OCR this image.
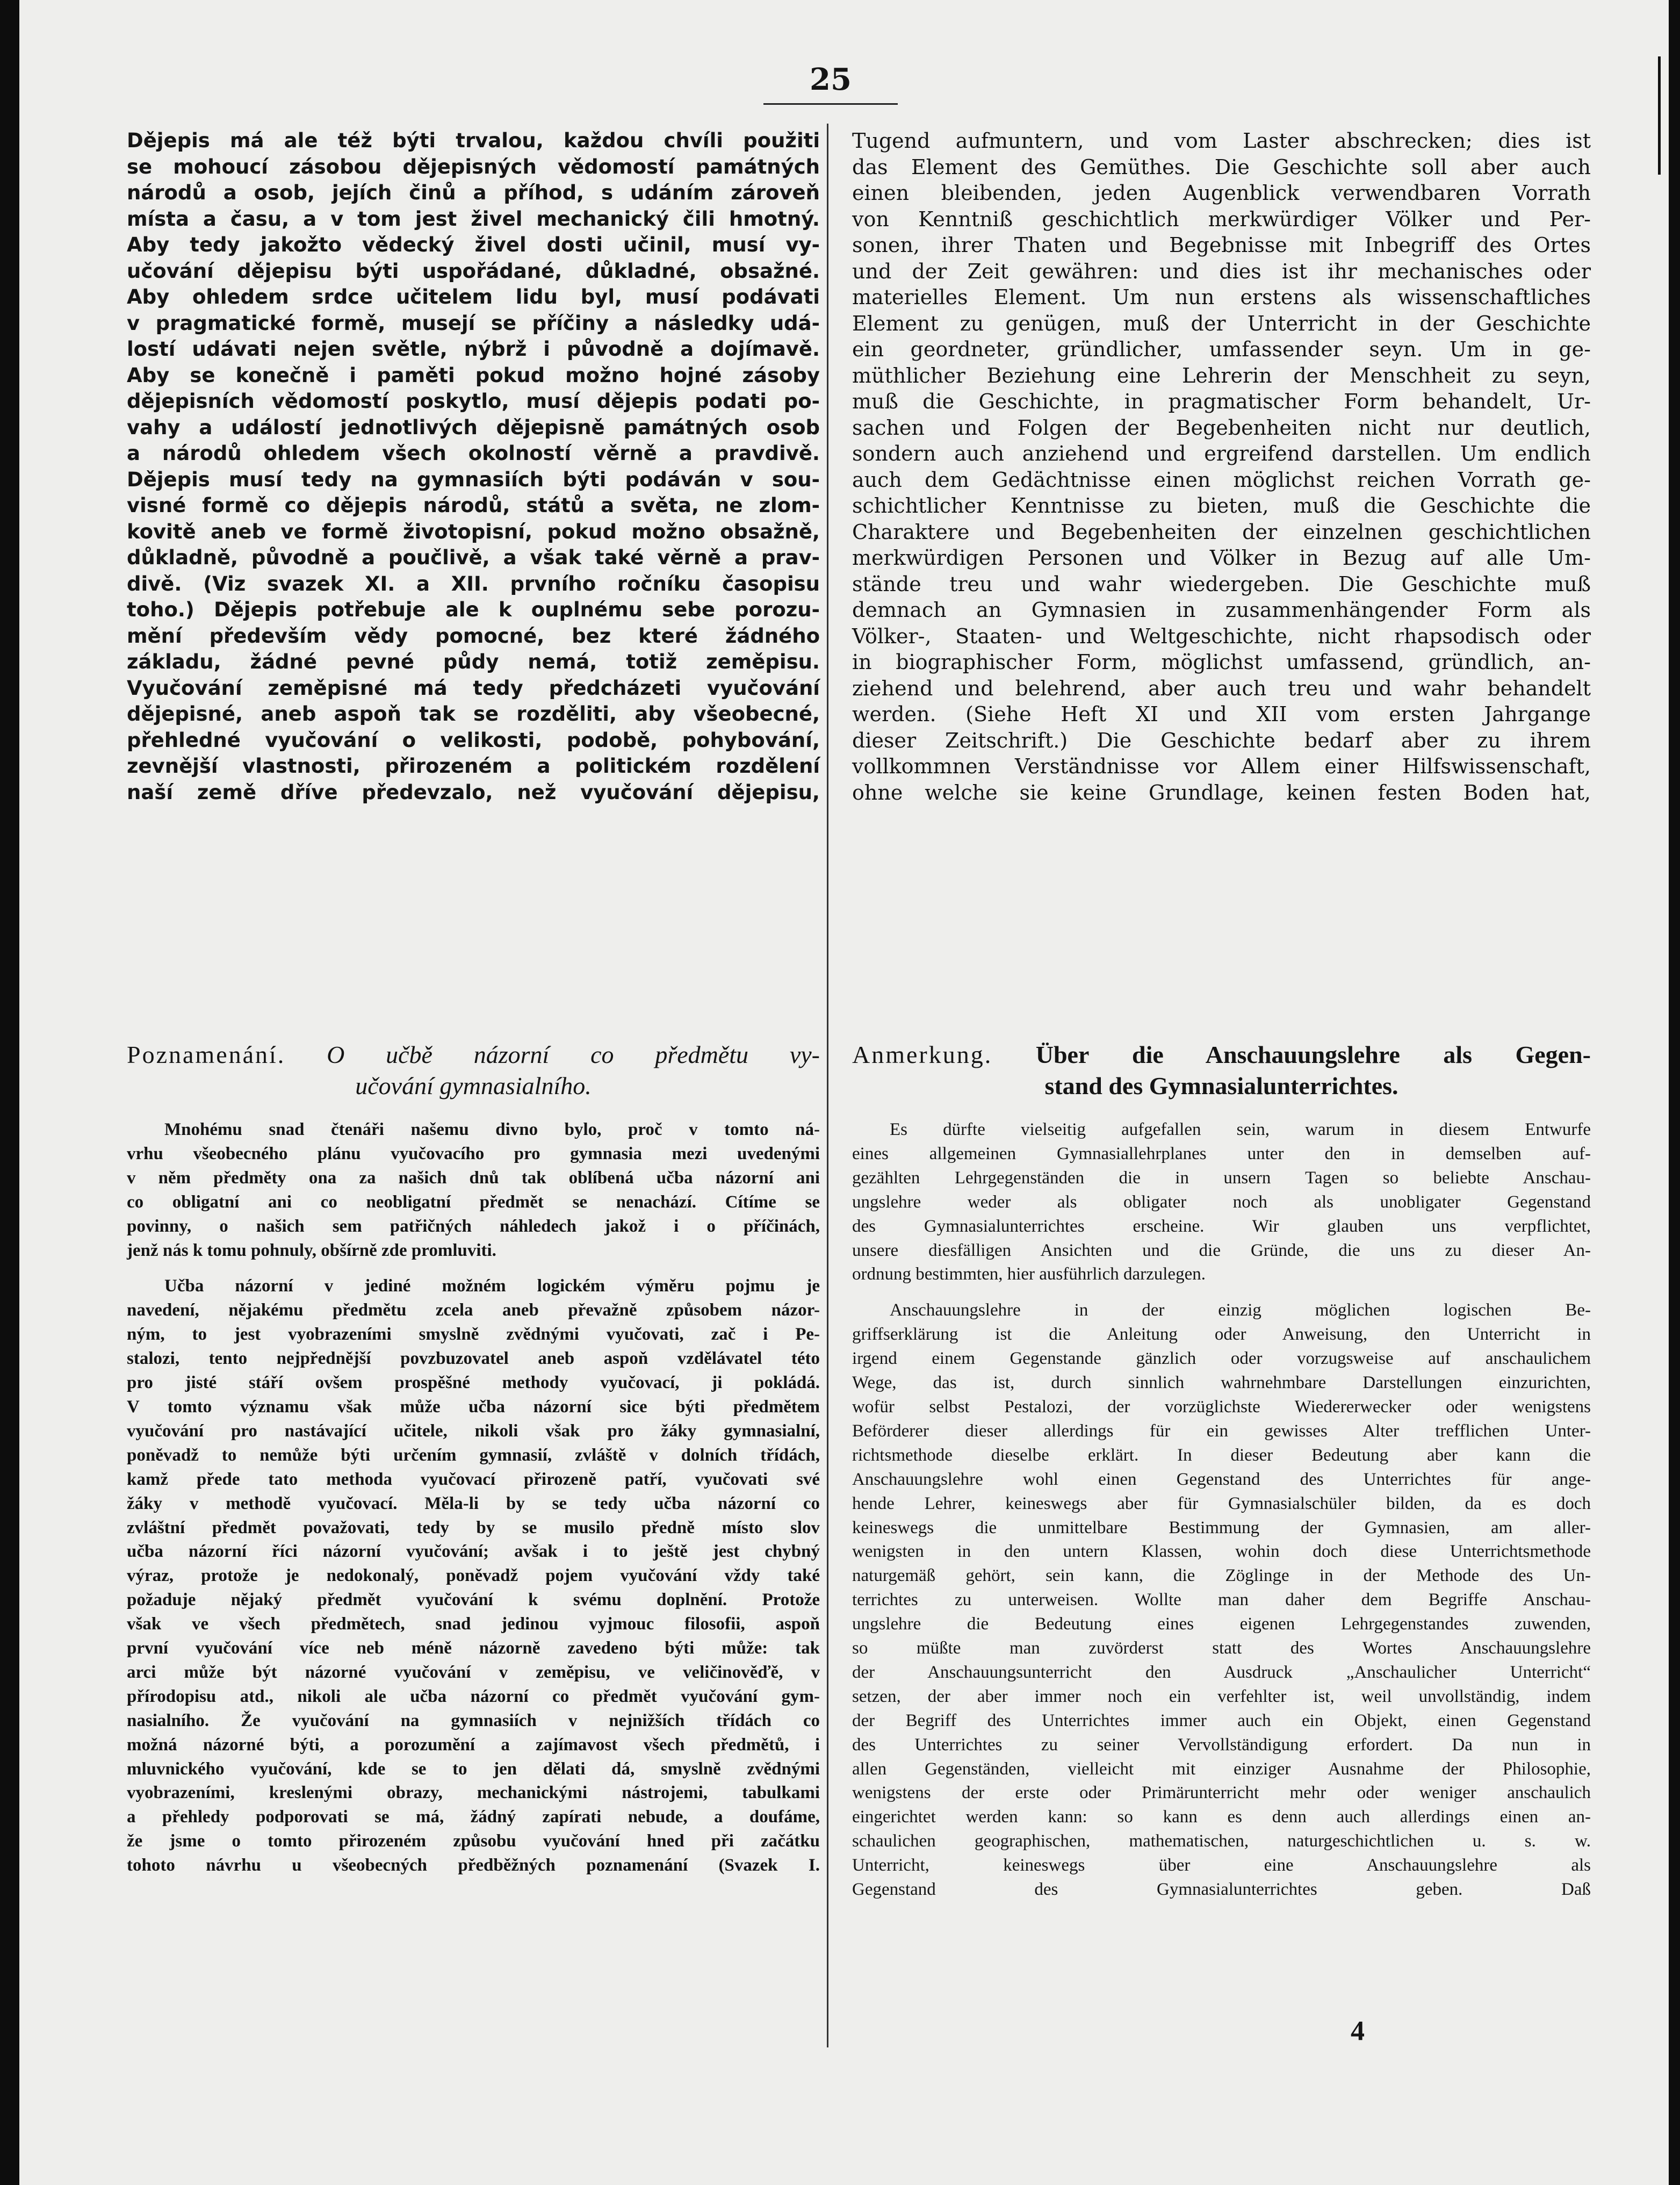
25
Dějepis má ale též býti trvalou, každou chvíli použiti
se mohoucí zásobou dějepisných vědomostí památných
národů a osob, jejích činů a příhod, s udáním zároveň
místa a času, a v tom jest živel mechanický čili hmotný.
Aby tedy jakožto vědecký živel dosti učinil, musí vy-
učování dějepisu býti uspořádané, důkladné, obsažné.
Aby ohledem srdce učitelem lidu byl, musí podávati
v pragmatické formě, musejí se příčiny a následky udá-
lostí udávati nejen světle, nýbrž i původně a dojímavě.
Aby se konečně i paměti pokud možno hojné zásoby
dějepisních vědomostí poskytlo, musí dějepis podati po-
vahy a událostí jednotlivých dějepisně památných osob
a národů ohledem všech okolností věrně a pravdivě.
Dějepis musí tedy na gymnasiích býti podáván v sou-
visné formě co dějepis národů, států a světa, ne zlom-
kovitě aneb ve formě životopisní, pokud možno obsažně,
důkladně, původně a poučlivě, a však také věrně a prav-
divě. (Viz svazek XI. a XII. prvního ročníku časopisu
toho.) Dějepis potřebuje ale k ouplnému sebe porozu-
mění především vědy pomocné, bez které žádného
základu, žádné pevné půdy nemá, totiž zeměpisu.
Vyučování zeměpisné má tedy předcházeti vyučování
dějepisné, aneb aspoň tak se rozděliti, aby všeobecné,
přehledné vyučování o velikosti, podobě, pohybování,
zevnější vlastnosti, přirozeném a politickém rozdělení
naší země dříve předevzalo, než vyučování dějepisu,
Tugend aufmuntern, und vom Laster abschrecken; dies ist
das Element des Gemüthes. Die Geschichte soll aber auch
einen bleibenden, jeden Augenblick verwendbaren Vorrath
von Kenntniß geschichtlich merkwürdiger Völker und Per-
sonen, ihrer Thaten und Begebnisse mit Inbegriff des Ortes
und der Zeit gewähren: und dies ist ihr mechanisches oder
materielles Element. Um nun erstens als wissenschaftliches
Element zu genügen, muß der Unterricht in der Geschichte
ein geordneter, gründlicher, umfassender seyn. Um in ge-
müthlicher Beziehung eine Lehrerin der Menschheit zu seyn,
muß die Geschichte, in pragmatischer Form behandelt, Ur-
sachen und Folgen der Begebenheiten nicht nur deutlich,
sondern auch anziehend und ergreifend darstellen. Um endlich
auch dem Gedächtnisse einen möglichst reichen Vorrath ge-
schichtlicher Kenntnisse zu bieten, muß die Geschichte die
Charaktere und Begebenheiten der einzelnen geschichtlichen
merkwürdigen Personen und Völker in Bezug auf alle Um-
stände treu und wahr wiedergeben. Die Geschichte muß
demnach an Gymnasien in zusammenhängender Form als
Völker-, Staaten- und Weltgeschichte, nicht rhapsodisch oder
in biographischer Form, möglichst umfassend, gründlich, an-
ziehend und belehrend, aber auch treu und wahr behandelt
werden. (Siehe Heft XI und XII vom ersten Jahrgange
dieser Zeitschrift.) Die Geschichte bedarf aber zu ihrem
vollkommnen Verständnisse vor Allem einer Hilfswissenschaft,
ohne welche sie keine Grundlage, keinen festen Boden hat,
Poznamenání. O učbě názorní co předmětu vy-
učování gymnasialního.
Anmerkung. Über die Anschauungslehre als Gegen-
stand des Gymnasialunterrichtes.
Mnohému snad čtenáři našemu divno bylo, proč v tomto ná-
vrhu všeobecného plánu vyučovacího pro gymnasia mezi uvedenými
v něm předměty ona za našich dnů tak oblíbená učba názorní ani
co obligatní ani co neobligatní předmět se nenachází. Cítíme se
povinny, o našich sem patřičných náhledech jakož i o příčinách,
jenž nás k tomu pohnuly, obšírně zde promluviti.
Učba názorní v jediné možném logickém výměru pojmu je
navedení, nějakému předmětu zcela aneb převažně způsobem názor-
ným, to jest vyobrazeními smyslně zvědnými vyučovati, zač i Pe-
stalozi, tento nejpřednější povzbuzovatel aneb aspoň vzdělávatel této
pro jisté stáří ovšem prospěšné methody vyučovací, ji pokládá.
V tomto významu však může učba názorní sice býti předmětem
vyučování pro nastávající učitele, nikoli však pro žáky gymnasialní,
poněvadž to nemůže býti určením gymnasií, zvláště v dolních třídách,
kamž přede tato methoda vyučovací přirozeně patří, vyučovati své
žáky v methodě vyučovací. Měla-li by se tedy učba názorní co
zvláštní předmět považovati, tedy by se musilo předně místo slov
učba názorní říci názorní vyučování; avšak i to ještě jest chybný
výraz, protože je nedokonalý, poněvadž pojem vyučování vždy také
požaduje nějaký předmět vyučování k svému doplnění. Protože
však ve všech předmětech, snad jedinou vyjmouc filosofii, aspoň
první vyučování více neb méně názorně zavedeno býti může: tak
arci může být názorné vyučování v zeměpisu, ve veličinověďě, v
přírodopisu atd., nikoli ale učba názorní co předmět vyučování gym-
nasialního. Že vyučování na gymnasiích v nejnižších třídách co
možná názorné býti, a porozumění a zajímavost všech předmětů, i
mluvnického vyučování, kde se to jen dělati dá, smyslně zvědnými
vyobrazeními, kreslenými obrazy, mechanickými nástrojemi, tabulkami
a přehledy podporovati se má, žádný zapírati nebude, a doufáme,
že jsme o tomto přirozeném způsobu vyučování hned při začátku
tohoto návrhu u všeobecných předběžných poznamenání (Svazek I.
Es dürfte vielseitig aufgefallen sein, warum in diesem Entwurfe
eines allgemeinen Gymnasiallehrplanes unter den in demselben auf-
gezählten Lehrgegenständen die in unsern Tagen so beliebte Anschau-
ungslehre weder als obligater noch als unobligater Gegenstand
des Gymnasialunterrichtes erscheine. Wir glauben uns verpflichtet,
unsere diesfälligen Ansichten und die Gründe, die uns zu dieser An-
ordnung bestimmten, hier ausführlich darzulegen.
Anschauungslehre in der einzig möglichen logischen Be-
griffserklärung ist die Anleitung oder Anweisung, den Unterricht in
irgend einem Gegenstande gänzlich oder vorzugsweise auf anschaulichem
Wege, das ist, durch sinnlich wahrnehmbare Darstellungen einzurichten,
wofür selbst Pestalozi, der vorzüglichste Wiedererwecker oder wenigstens
Beförderer dieser allerdings für ein gewisses Alter trefflichen Unter-
richtsmethode dieselbe erklärt. In dieser Bedeutung aber kann die
Anschauungslehre wohl einen Gegenstand des Unterrichtes für ange-
hende Lehrer, keineswegs aber für Gymnasialschüler bilden, da es doch
keineswegs die unmittelbare Bestimmung der Gymnasien, am aller-
wenigsten in den untern Klassen, wohin doch diese Unterrichtsmethode
naturgemäß gehört, sein kann, die Zöglinge in der Methode des Un-
terrichtes zu unterweisen. Wollte man daher dem Begriffe Anschau-
ungslehre die Bedeutung eines eigenen Lehrgegenstandes zuwenden,
so müßte man zuvörderst statt des Wortes Anschauungslehre
der Anschauungsunterricht den Ausdruck „Anschaulicher Unterricht“
setzen, der aber immer noch ein verfehlter ist, weil unvollständig, indem
der Begriff des Unterrichtes immer auch ein Objekt, einen Gegenstand
des Unterrichtes zu seiner Vervollständigung erfordert. Da nun in
allen Gegenständen, vielleicht mit einziger Ausnahme der Philosophie,
wenigstens der erste oder Primärunterricht mehr oder weniger anschaulich
eingerichtet werden kann: so kann es denn auch allerdings einen an-
schaulichen geographischen, mathematischen, naturgeschichtlichen u. s. w.
Unterricht, keineswegs über eine Anschauungslehre als
Gegenstand des Gymnasialunterrichtes geben. Daß
4
